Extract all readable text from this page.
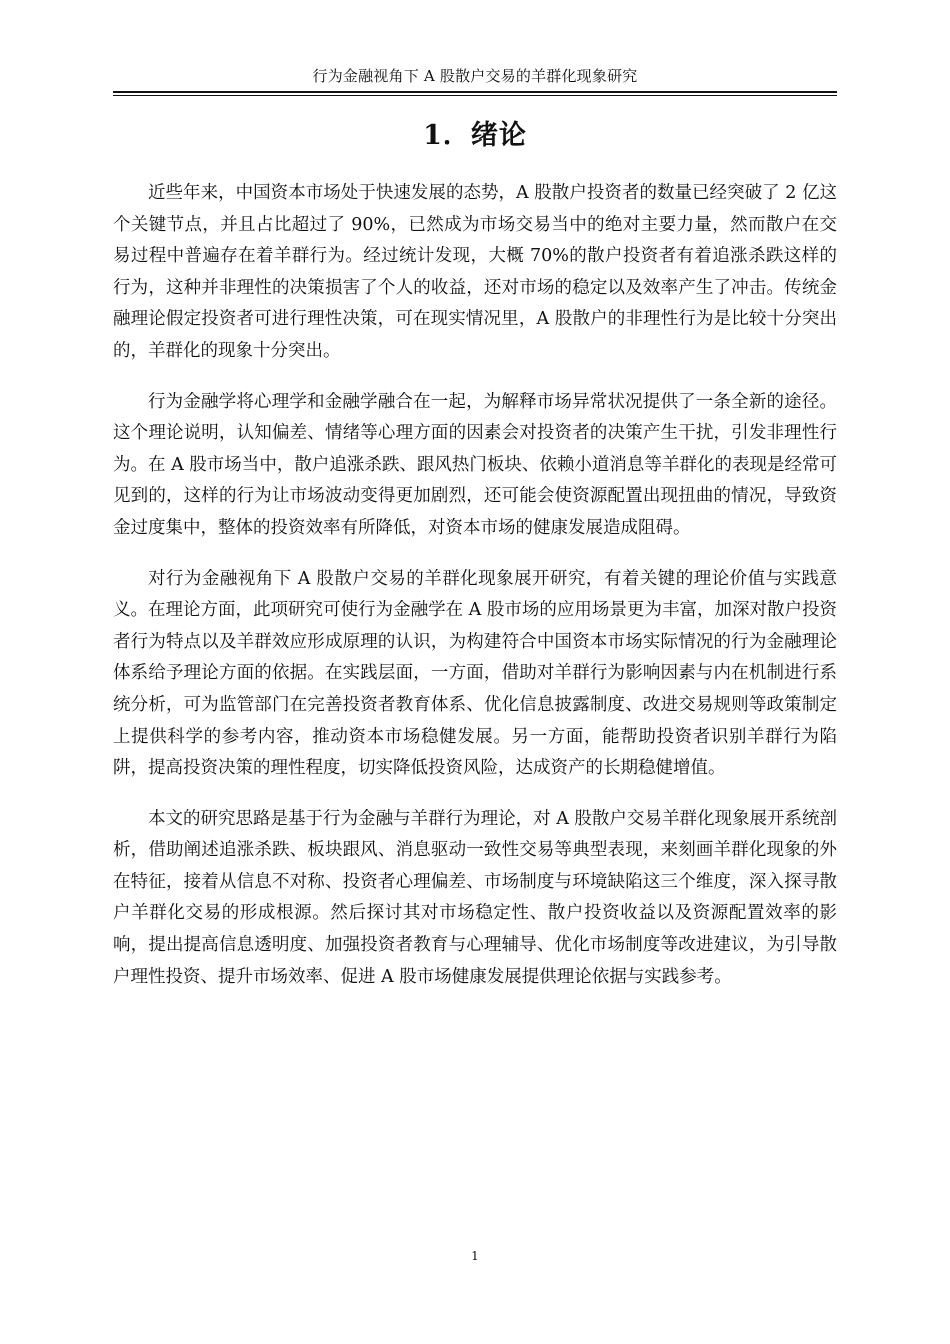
行为金融视角下 A 股散户交易的羊群化现象研究
1．绪论

近些年来，中国资本市场处于快速发展的态势，A 股散户投资者的数量已经突破了 2 亿这个关键节点，并且占比超过了 90%，已然成为市场交易当中的绝对主要力量，然而散户在交易过程中普遍存在着羊群行为。经过统计发现，大概 70%的散户投资者有着追涨杀跌这样的行为，这种并非理性的决策损害了个人的收益，还对市场的稳定以及效率产生了冲击。传统金融理论假定投资者可进行理性决策，可在现实情况里，A 股散户的非理性行为是比较十分突出的，羊群化的现象十分突出。

行为金融学将心理学和金融学融合在一起，为解释市场异常状况提供了一条全新的途径。这个理论说明，认知偏差、情绪等心理方面的因素会对投资者的决策产生干扰，引发非理性行为。在 A 股市场当中，散户追涨杀跌、跟风热门板块、依赖小道消息等羊群化的表现是经常可见到的，这样的行为让市场波动变得更加剧烈，还可能会使资源配置出现扭曲的情况，导致资金过度集中，整体的投资效率有所降低，对资本市场的健康发展造成阻碍。

对行为金融视角下 A 股散户交易的羊群化现象展开研究，有着关键的理论价值与实践意义。在理论方面，此项研究可使行为金融学在 A 股市场的应用场景更为丰富，加深对散户投资者行为特点以及羊群效应形成原理的认识，为构建符合中国资本市场实际情况的行为金融理论体系给予理论方面的依据。在实践层面，一方面，借助对羊群行为影响因素与内在机制进行系统分析，可为监管部门在完善投资者教育体系、优化信息披露制度、改进交易规则等政策制定上提供科学的参考内容，推动资本市场稳健发展。另一方面，能帮助投资者识别羊群行为陷阱，提高投资决策的理性程度，切实降低投资风险，达成资产的长期稳健增值。

本文的研究思路是基于行为金融与羊群行为理论，对 A 股散户交易羊群化现象展开系统剖析，借助阐述追涨杀跌、板块跟风、消息驱动一致性交易等典型表现，来刻画羊群化现象的外在特征，接着从信息不对称、投资者心理偏差、市场制度与环境缺陷这三个维度，深入探寻散户羊群化交易的形成根源。然后探讨其对市场稳定性、散户投资收益以及资源配置效率的影响，提出提高信息透明度、加强投资者教育与心理辅导、优化市场制度等改进建议，为引导散户理性投资、提升市场效率、促进 A 股市场健康发展提供理论依据与实践参考。

1
